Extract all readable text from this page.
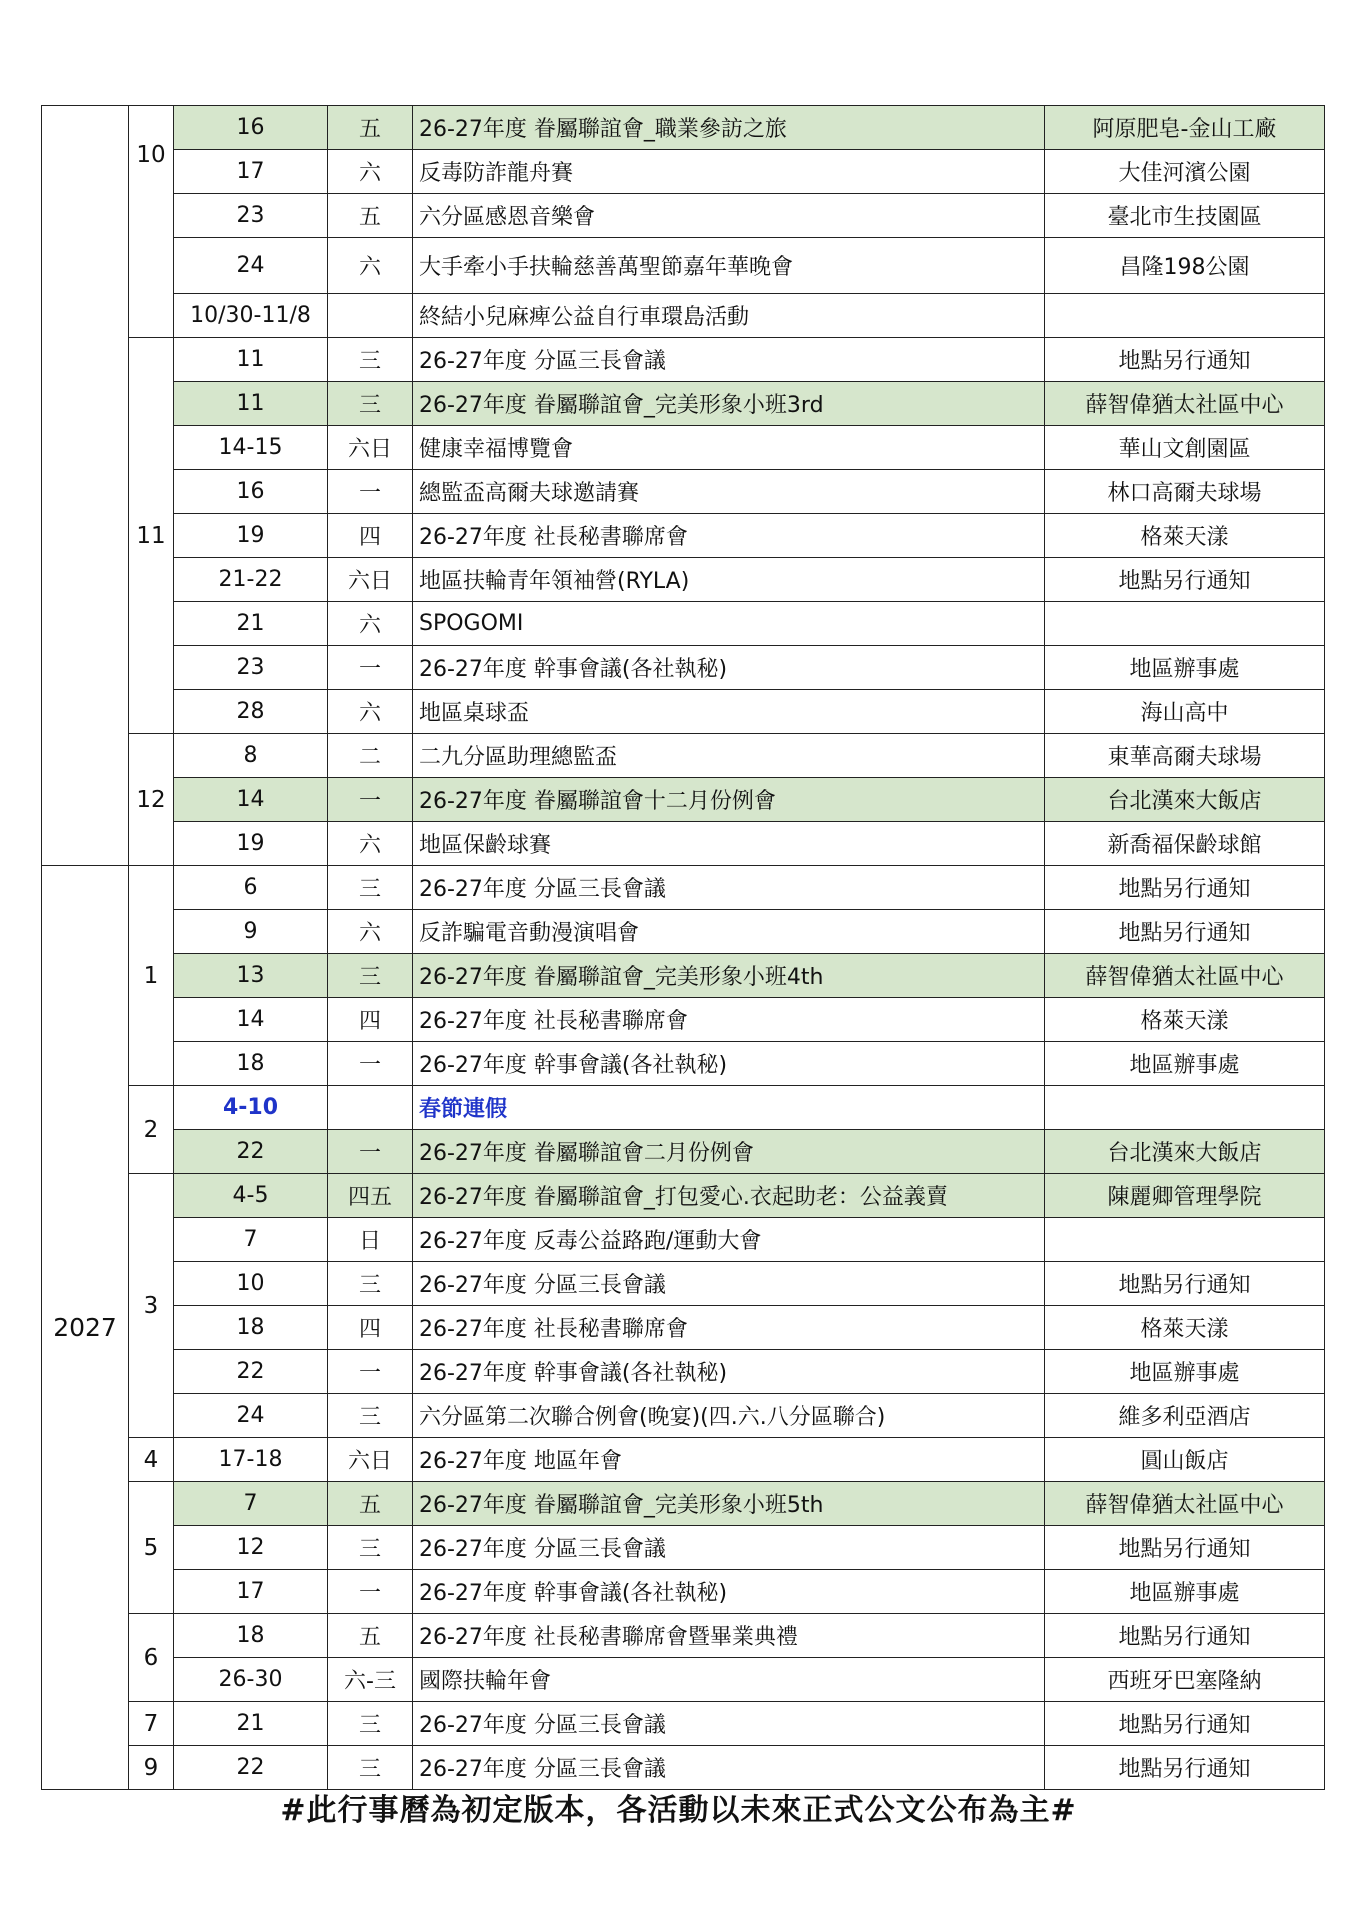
	10	16	五	26-27年度 眷屬聯誼會_職業參訪之旅	阿原肥皂-金山工廠
		17	六	反毒防詐龍舟賽	大佳河濱公園
		23	五	六分區感恩音樂會	臺北市生技園區
		24	六	大手牽小手扶輪慈善萬聖節嘉年華晚會	昌隆198公園
		10/30-11/8		終結小兒麻痺公益自行車環島活動	
	11	11	三	26-27年度 分區三長會議	地點另行通知
		11	三	26-27年度 眷屬聯誼會_完美形象小班3rd	薛智偉猶太社區中心
		14-15	六日	健康幸福博覽會	華山文創園區
		16	一	總監盃高爾夫球邀請賽	林口高爾夫球場
		19	四	26-27年度 社長秘書聯席會	格萊天漾
		21-22	六日	地區扶輪青年領袖營(RYLA)	地點另行通知
		21	六	SPOGOMI	
		23	一	26-27年度 幹事會議(各社執秘)	地區辦事處
		28	六	地區桌球盃	海山高中
	12	8	二	二九分區助理總監盃	東華高爾夫球場
		14	一	26-27年度 眷屬聯誼會十二月份例會	台北漢來大飯店
		19	六	地區保齡球賽	新喬福保齡球館
2027	1	6	三	26-27年度 分區三長會議	地點另行通知
		9	六	反詐騙電音動漫演唱會	地點另行通知
		13	三	26-27年度 眷屬聯誼會_完美形象小班4th	薛智偉猶太社區中心
		14	四	26-27年度 社長秘書聯席會	格萊天漾
		18	一	26-27年度 幹事會議(各社執秘)	地區辦事處
	2	4-10		春節連假	
		22	一	26-27年度 眷屬聯誼會二月份例會	台北漢來大飯店
	3	4-5	四五	26-27年度 眷屬聯誼會_打包愛心.衣起助老：公益義賣	陳麗卿管理學院
		7	日	26-27年度 反毒公益路跑/運動大會	
		10	三	26-27年度 分區三長會議	地點另行通知
		18	四	26-27年度 社長秘書聯席會	格萊天漾
		22	一	26-27年度 幹事會議(各社執秘)	地區辦事處
		24	三	六分區第二次聯合例會(晚宴)(四.六.八分區聯合)	維多利亞酒店
	4	17-18	六日	26-27年度 地區年會	圓山飯店
	5	7	五	26-27年度 眷屬聯誼會_完美形象小班5th	薛智偉猶太社區中心
		12	三	26-27年度 分區三長會議	地點另行通知
		17	一	26-27年度 幹事會議(各社執秘)	地區辦事處
	6	18	五	26-27年度 社長秘書聯席會暨畢業典禮	地點另行通知
		26-30	六-三	國際扶輪年會	西班牙巴塞隆納
	7	21	三	26-27年度 分區三長會議	地點另行通知
	9	22	三	26-27年度 分區三長會議	地點另行通知
#此行事曆為初定版本，各活動以未來正式公文公布為主#
